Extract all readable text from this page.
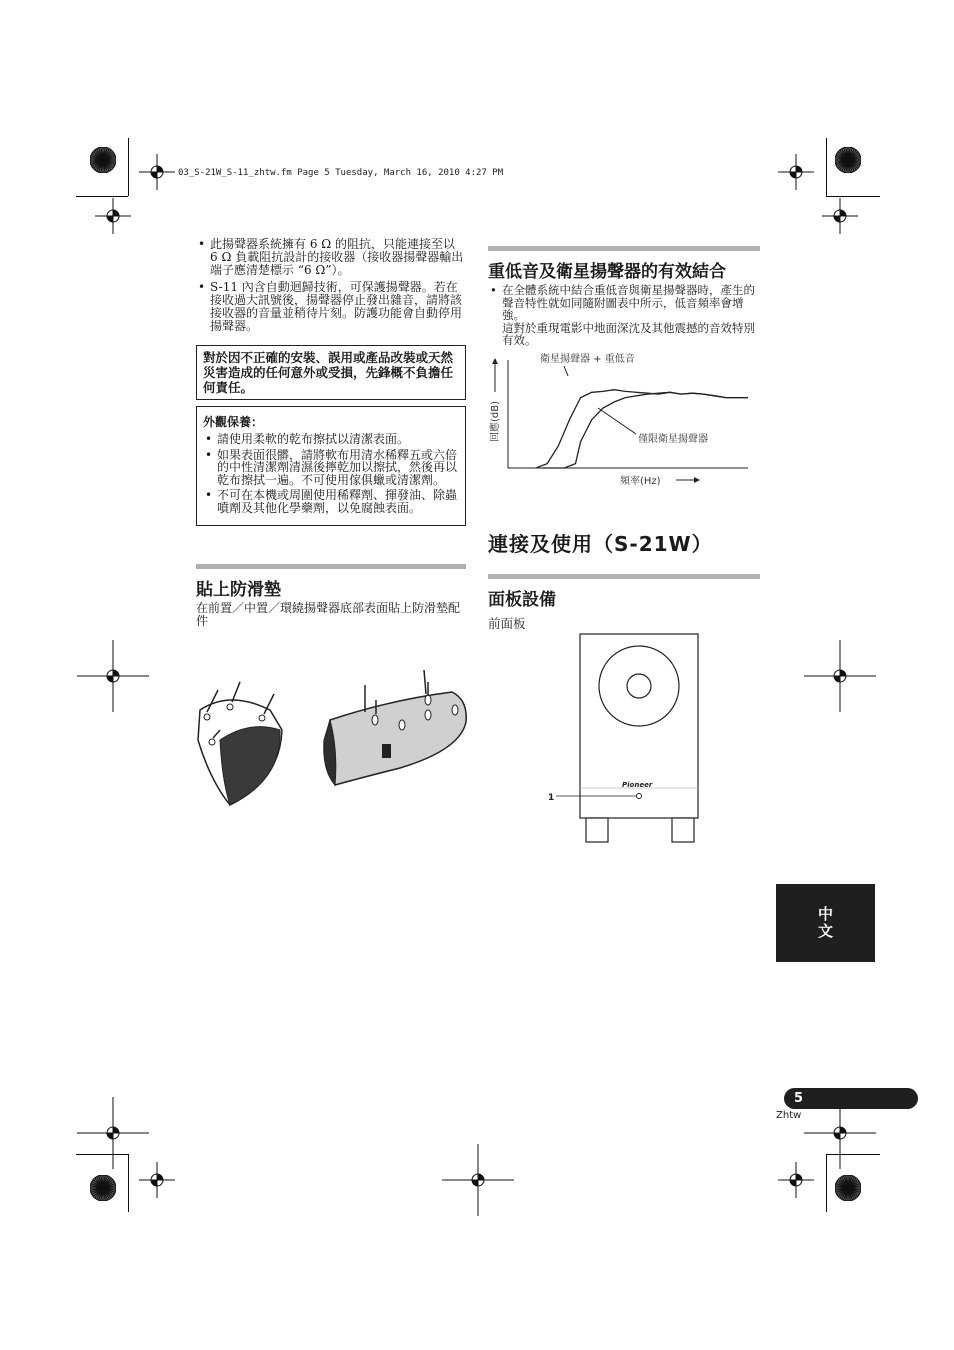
03_S-21W_S-11_zhtw.fm Page 5 Tuesday, March 16, 2010 4:27 PM
• 此揚聲器系統擁有 6 Ω 的阻抗，只能連接至以 6 Ω 負載阻抗設計的接收器（接收器揚聲器輸出端子應清楚標示 “6 Ω”）。
• S-11 內含自動迴歸技術，可保護揚聲器。若在接收過大訊號後，揚聲器停止發出雜音，請將該接收器的音量並稍待片刻。防護功能會自動停用揚聲器。
對於因不正確的安裝、誤用或產品改裝或天然災害造成的任何意外或受損，先鋒概不負擔任何責任。
外觀保養：
• 請使用柔軟的乾布擦拭以清潔表面。
• 如果表面很髒，請將軟布用清水稀釋五或六倍的中性清潔劑清濕後擰乾加以擦拭，然後再以乾布擦拭一遍。不可使用傢俱蠟或清潔劑。
• 不可在本機或周圍使用稀釋劑、揮發油、除蟲噴劑及其他化學藥劑，以免腐蝕表面。
貼上防滑墊
在前置／中置／環繞揚聲器底部表面貼上防滑墊配件
重低音及衛星揚聲器的有效結合
• 在全體系統中結合重低音與衛星揚聲器時，產生的聲音特性就如同隨附圖表中所示，低音頻率會增強。
這對於重現電影中地面深沈及其他震撼的音效特別有效。
回應(dB)
頻率(Hz)
衛星揚聲器 + 重低音
僅限衛星揚聲器
連接及使用（S-21W）
面板設備
前面板
Pioneer
1
中文
5
Zhtw
